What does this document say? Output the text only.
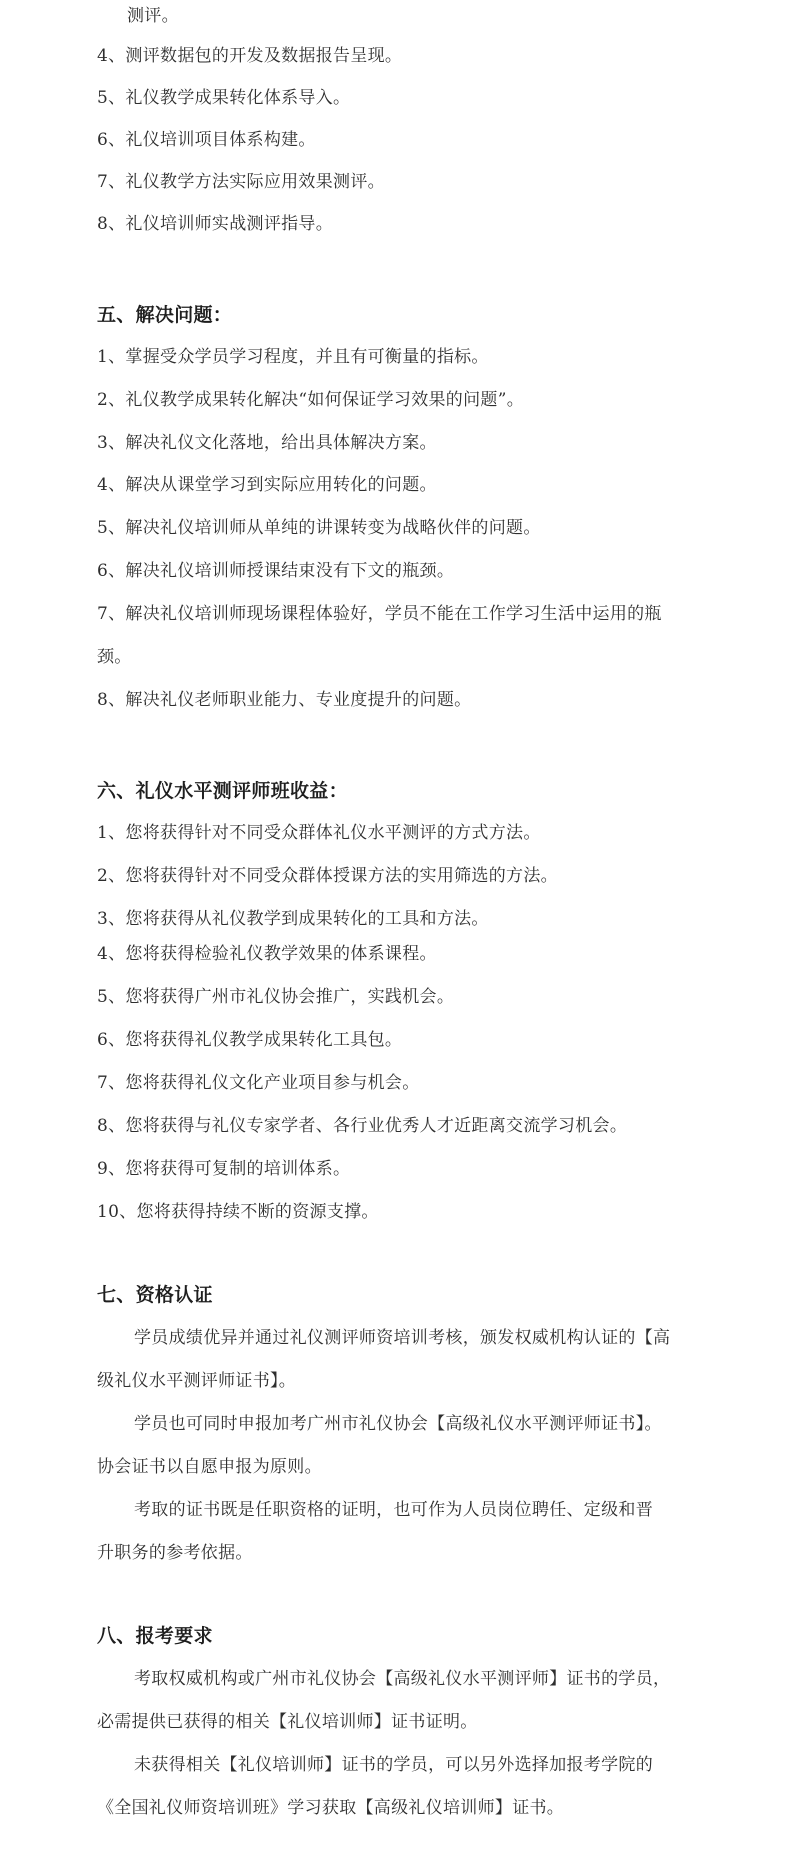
测评。
4、测评数据包的开发及数据报告呈现。
5、礼仪教学成果转化体系导入。
6、礼仪培训项目体系构建。
7、礼仪教学方法实际应用效果测评。
8、礼仪培训师实战测评指导。
五、解决问题：
1、掌握受众学员学习程度，并且有可衡量的指标。
2、礼仪教学成果转化解决“如何保证学习效果的问题”。
3、解决礼仪文化落地，给出具体解决方案。
4、解决从课堂学习到实际应用转化的问题。
5、解决礼仪培训师从单纯的讲课转变为战略伙伴的问题。
6、解决礼仪培训师授课结束没有下文的瓶颈。
7、解决礼仪培训师现场课程体验好，学员不能在工作学习生活中运用的瓶
颈。
8、解决礼仪老师职业能力、专业度提升的问题。
六、礼仪水平测评师班收益：
1、您将获得针对不同受众群体礼仪水平测评的方式方法。
2、您将获得针对不同受众群体授课方法的实用筛选的方法。
3、您将获得从礼仪教学到成果转化的工具和方法。
4、您将获得检验礼仪教学效果的体系课程。
5、您将获得广州市礼仪协会推广，实践机会。
6、您将获得礼仪教学成果转化工具包。
7、您将获得礼仪文化产业项目参与机会。
8、您将获得与礼仪专家学者、各行业优秀人才近距离交流学习机会。
9、您将获得可复制的培训体系。
10、您将获得持续不断的资源支撑。
七、资格认证
学员成绩优异并通过礼仪测评师资培训考核，颁发权威机构认证的【高
级礼仪水平测评师证书】。
学员也可同时申报加考广州市礼仪协会【高级礼仪水平测评师证书】。
协会证书以自愿申报为原则。
考取的证书既是任职资格的证明，也可作为人员岗位聘任、定级和晋
升职务的参考依据。
八、报考要求
考取权威机构或广州市礼仪协会【高级礼仪水平测评师】证书的学员，
必需提供已获得的相关【礼仪培训师】证书证明。
未获得相关【礼仪培训师】证书的学员，可以另外选择加报考学院的
《全国礼仪师资培训班》学习获取【高级礼仪培训师】证书。
